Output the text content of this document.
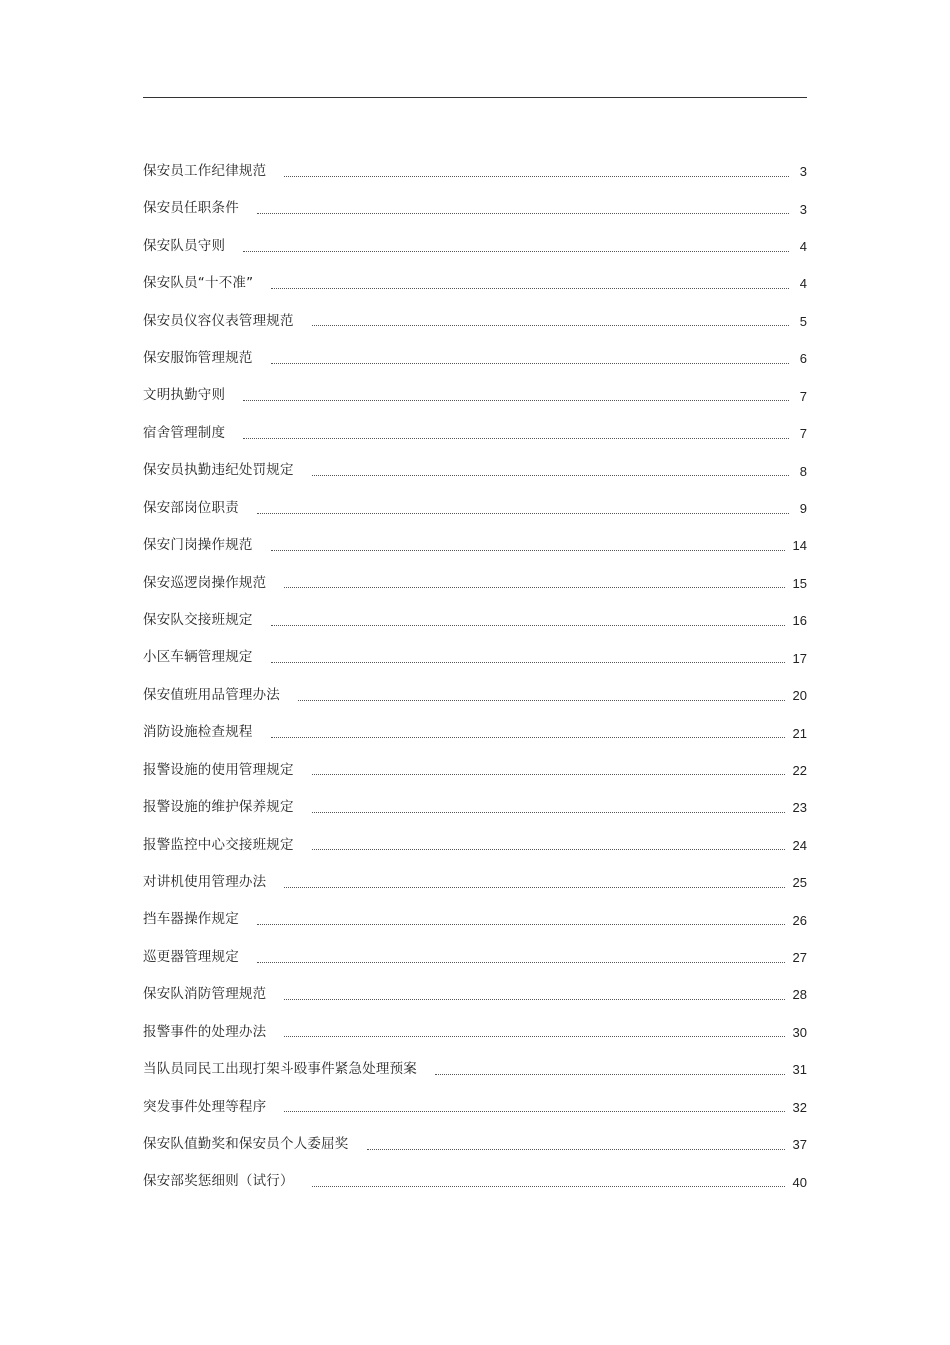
保安员工作纪律规范	3
保安员任职条件	3
保安队员守则	4
保安队员“十不准”	4
保安员仪容仪表管理规范	5
保安服饰管理规范	6
文明执勤守则	7
宿舍管理制度	7
保安员执勤违纪处罚规定	8
保安部岗位职责	9
保安门岗操作规范	14
保安巡逻岗操作规范	15
保安队交接班规定	16
小区车辆管理规定	17
保安值班用品管理办法	20
消防设施检查规程	21
报警设施的使用管理规定	22
报警设施的维护保养规定	23
报警监控中心交接班规定	24
对讲机使用管理办法	25
挡车器操作规定	26
巡更器管理规定	27
保安队消防管理规范	28
报警事件的处理办法	30
当队员同民工出现打架斗殴事件紧急处理预案	31
突发事件处理等程序	32
保安队值勤奖和保安员个人委屈奖	37
保安部奖惩细则（试行）	40
